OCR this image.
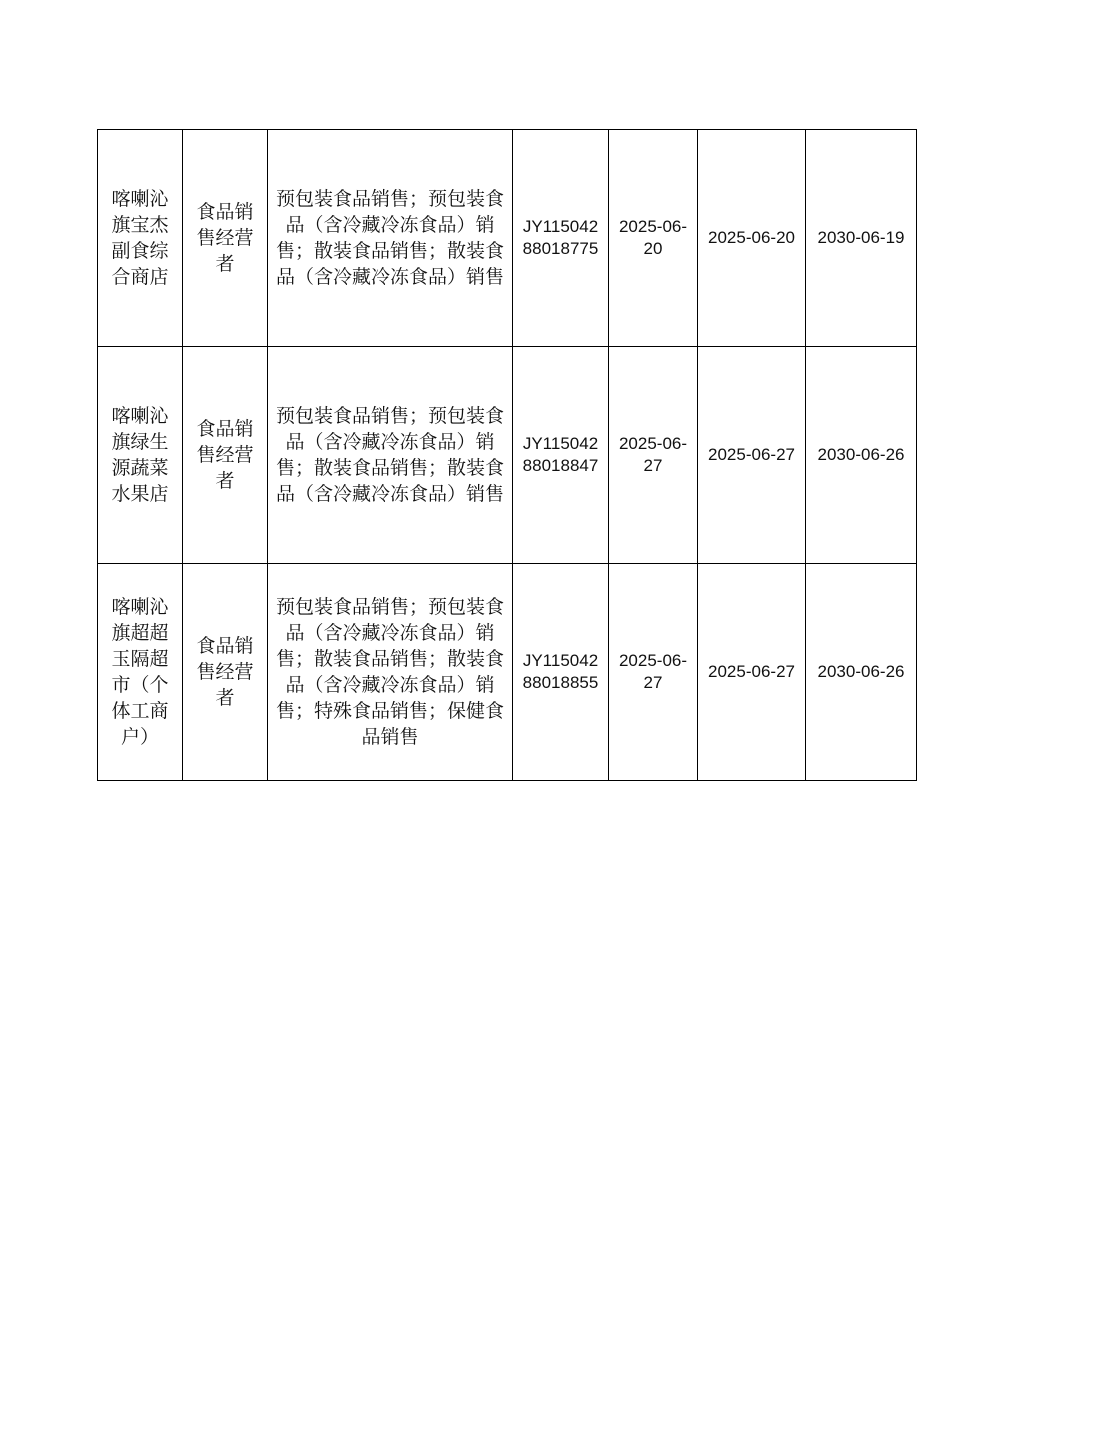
喀喇沁旗宝杰副食综合商店	食品销售经营者	预包装食品销售；预包装食品（含冷藏冷冻食品）销售；散装食品销售；散装食品（含冷藏冷冻食品）销售	JY11504288018775	2025-06-20	2025-06-20	2030-06-19

喀喇沁旗绿生源蔬菜水果店	食品销售经营者	预包装食品销售；预包装食品（含冷藏冷冻食品）销售；散装食品销售；散装食品（含冷藏冷冻食品）销售	JY11504288018847	2025-06-27	2025-06-27	2030-06-26

喀喇沁旗超超玉隔超市（个体工商户）	食品销售经营者	预包装食品销售；预包装食品（含冷藏冷冻食品）销售；散装食品销售；散装食品（含冷藏冷冻食品）销售；特殊食品销售；保健食品销售	JY11504288018855	2025-06-27	2025-06-27	2030-06-26
